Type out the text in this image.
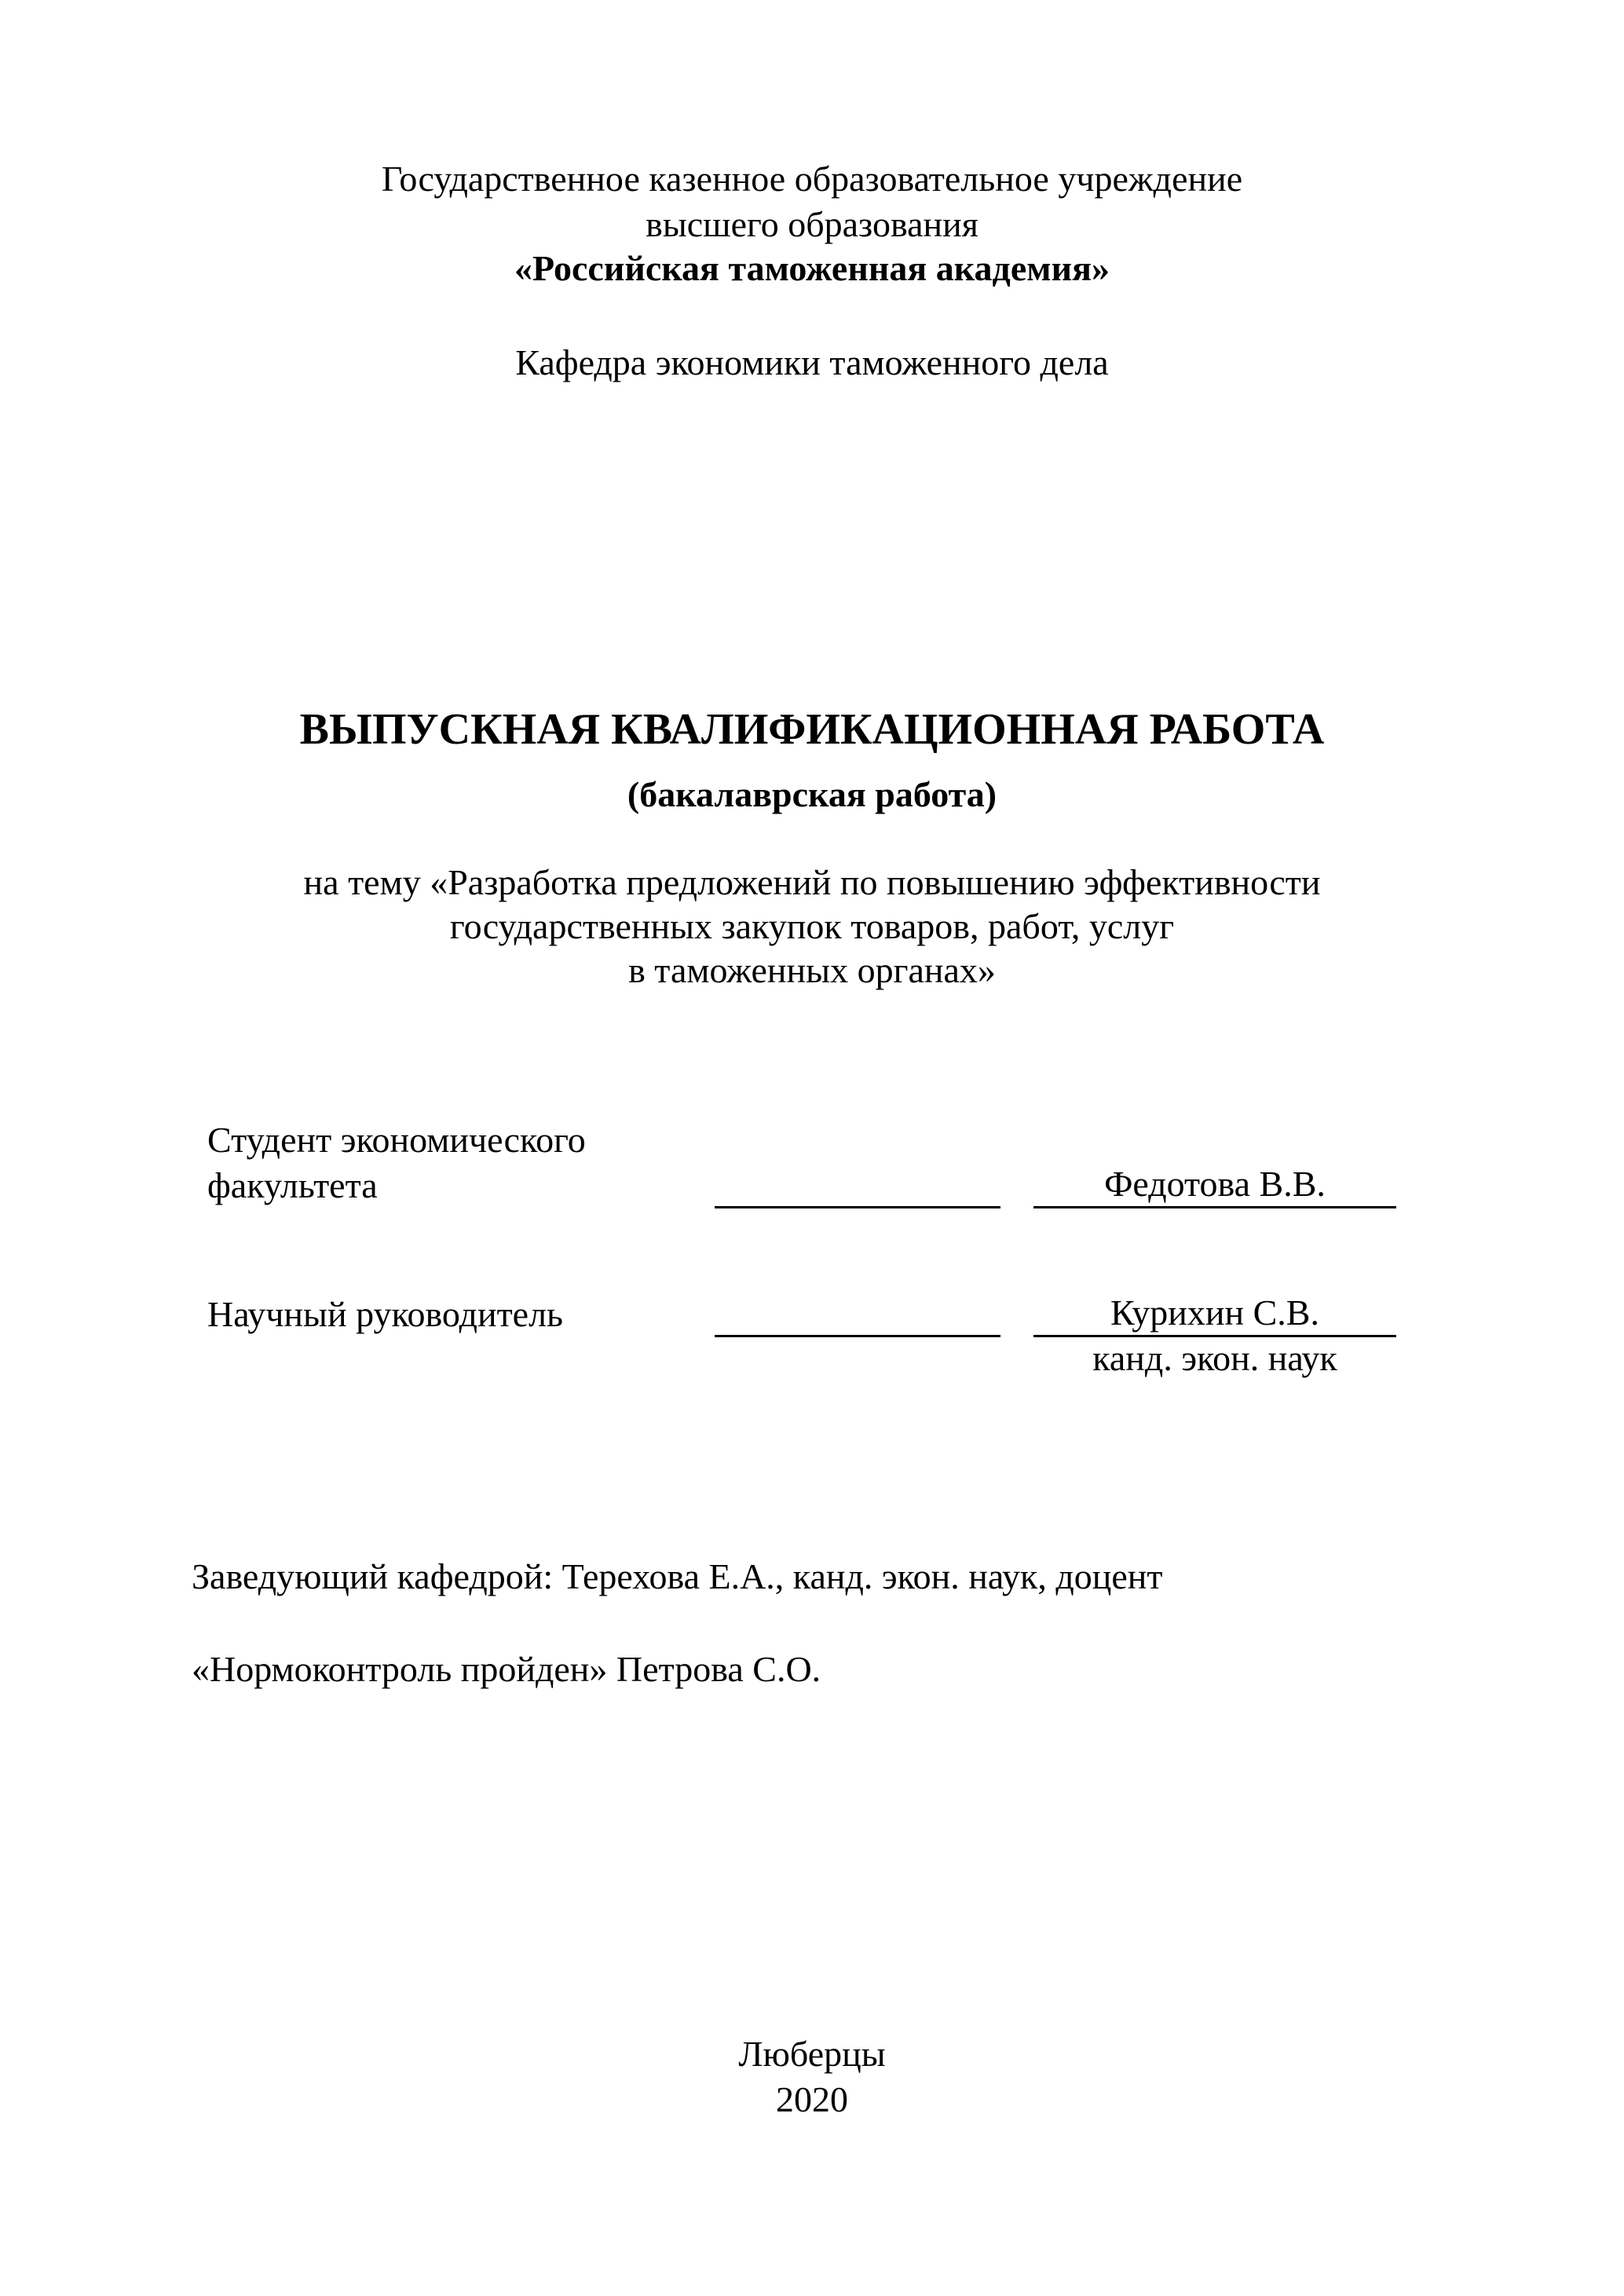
Государственное казенное образовательное учреждение
высшего образования
«Российская таможенная академия»
Кафедра экономики таможенного дела
ВЫПУСКНАЯ КВАЛИФИКАЦИОННАЯ РАБОТА
(бакалаврская работа)
на тему «Разработка предложений по повышению эффективности
государственных закупок товаров, работ, услуг
в таможенных органах»
Студент экономического
факультета	Федотова В.В.
Научный руководитель	Курихин С.В.
канд. экон. наук
Заведующий кафедрой: Терехова Е.А., канд. экон. наук, доцент
«Нормоконтроль пройден» Петрова С.О.
Люберцы
2020
